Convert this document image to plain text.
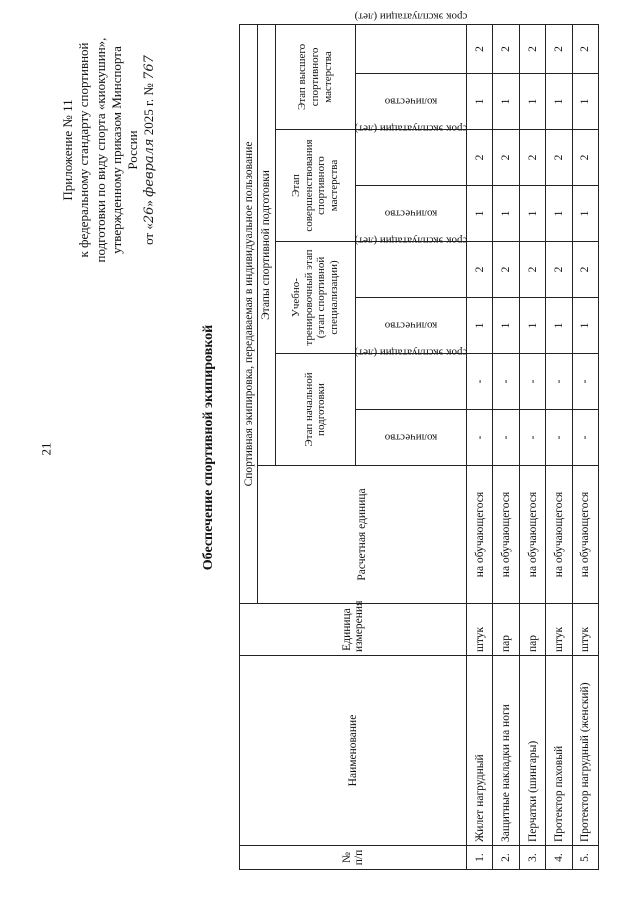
21
Приложение № 11 к федеральному стандарту спортивной подготовки по виду спорта «киокушин», утвержденному приказом Минспорта России
от «26» февраля 2025 г. № 767
Обеспечение спортивной экипировкой
№ п/п	Наименование	Единица измерения	Спортивная экипировка, передаваемая в индивидуальное пользование								
			Расчетная единица	Этапы спортивной подготовки							
				Этап начальной подготовки		Учебно-тренировочный этап (этап спортивной специализации)		Этап совершенствования спортивного мастерства		Этап высшего спортивного мастерства	
				количество	срок эксплуатации (лет)	количество	срок эксплуатации (лет)	количество	срок эксплуатации (лет)	количество	срок эксплуатации (лет)
1.	Жилет нагрудный	штук	на обучающегося	-	-	1	2	1	2	1	2
2.	Защитные накладки на ноги	пар	на обучающегося	-	-	1	2	1	2	1	2
3.	Перчатки (шингары)	пар	на обучающегося	-	-	1	2	1	2	1	2
4.	Протектор паховый	штук	на обучающегося	-	-	1	2	1	2	1	2
5.	Протектор нагрудный (женский)	штук	на обучающегося	-	-	1	2	1	2	1	2
